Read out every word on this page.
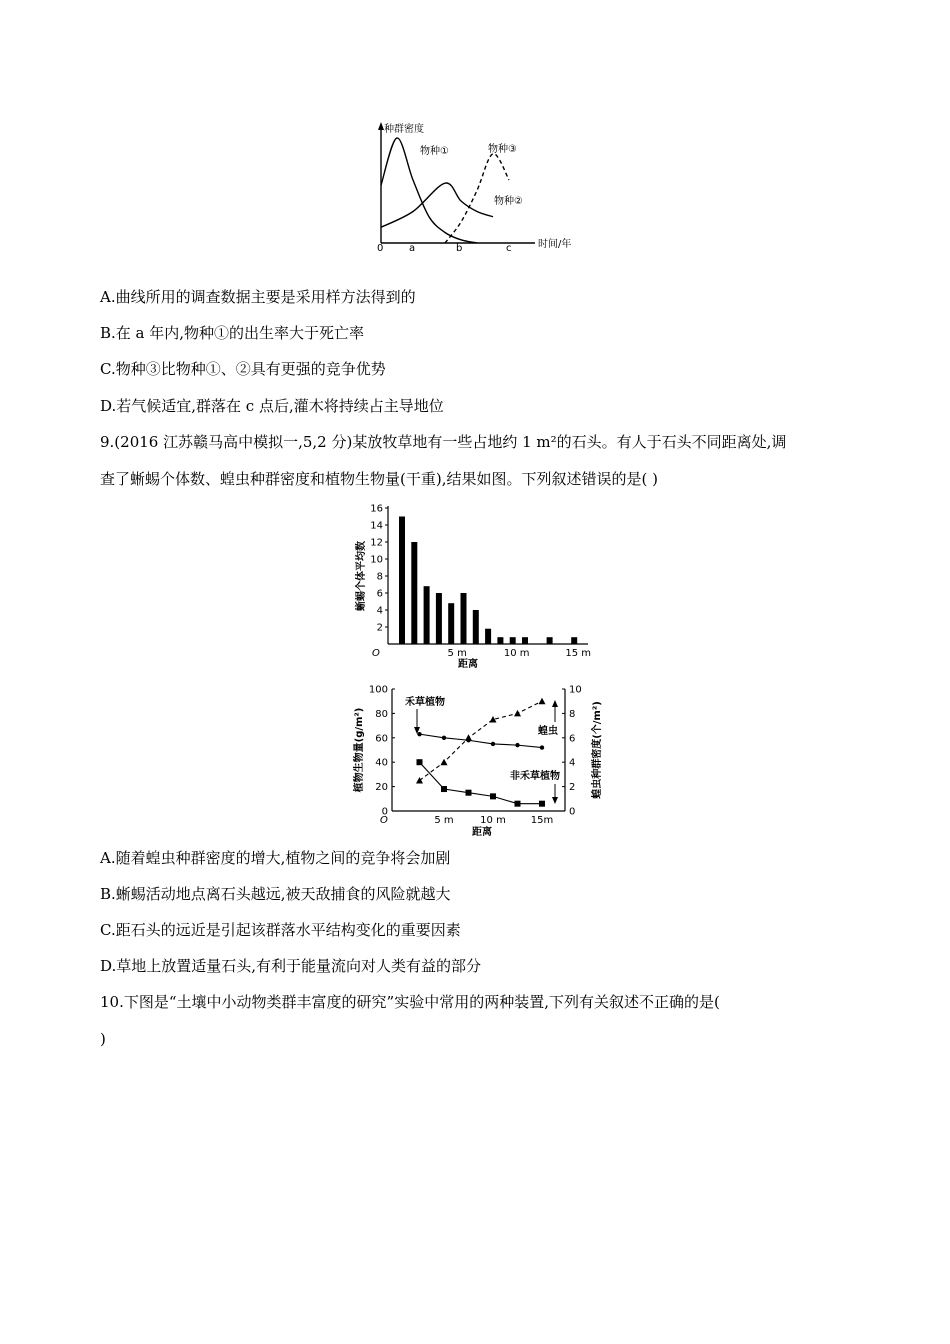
种群密度
时间/年
0	a	b	c
物种①	物种③
物种②
A.曲线所用的调查数据主要是采用样方法得到的
B.在 a 年内,物种①的出生率大于死亡率
C.物种③比物种①、②具有更强的竞争优势
D.若气候适宜,群落在 c 点后,灌木将持续占主导地位
9.(2016 江苏赣马高中模拟一,5,2 分)某放牧草地有一些占地约 1 m²的石头。有人于石头不同距离处,调
查了蜥蜴个体数、蝗虫种群密度和植物生物量(干重),结果如图。下列叙述错误的是( )
2
4
6
8
10
12
14
16
O	5 m	10 m	15 m
距离
蜥蜴个体平均数
20
40
60
80
100
0
2
4
6
8
10
0
O	5 m	10 m 15m
距离
植物生物量(g/m²)	蝗虫种群密度(个/m²)
禾草植物
蝗虫
非禾草植物
A.随着蝗虫种群密度的增大,植物之间的竞争将会加剧
B.蜥蜴活动地点离石头越远,被天敌捕食的风险就越大
C.距石头的远近是引起该群落水平结构变化的重要因素
D.草地上放置适量石头,有利于能量流向对人类有益的部分
10.下图是“土壤中小动物类群丰富度的研究”实验中常用的两种装置,下列有关叙述不正确的是(
)
